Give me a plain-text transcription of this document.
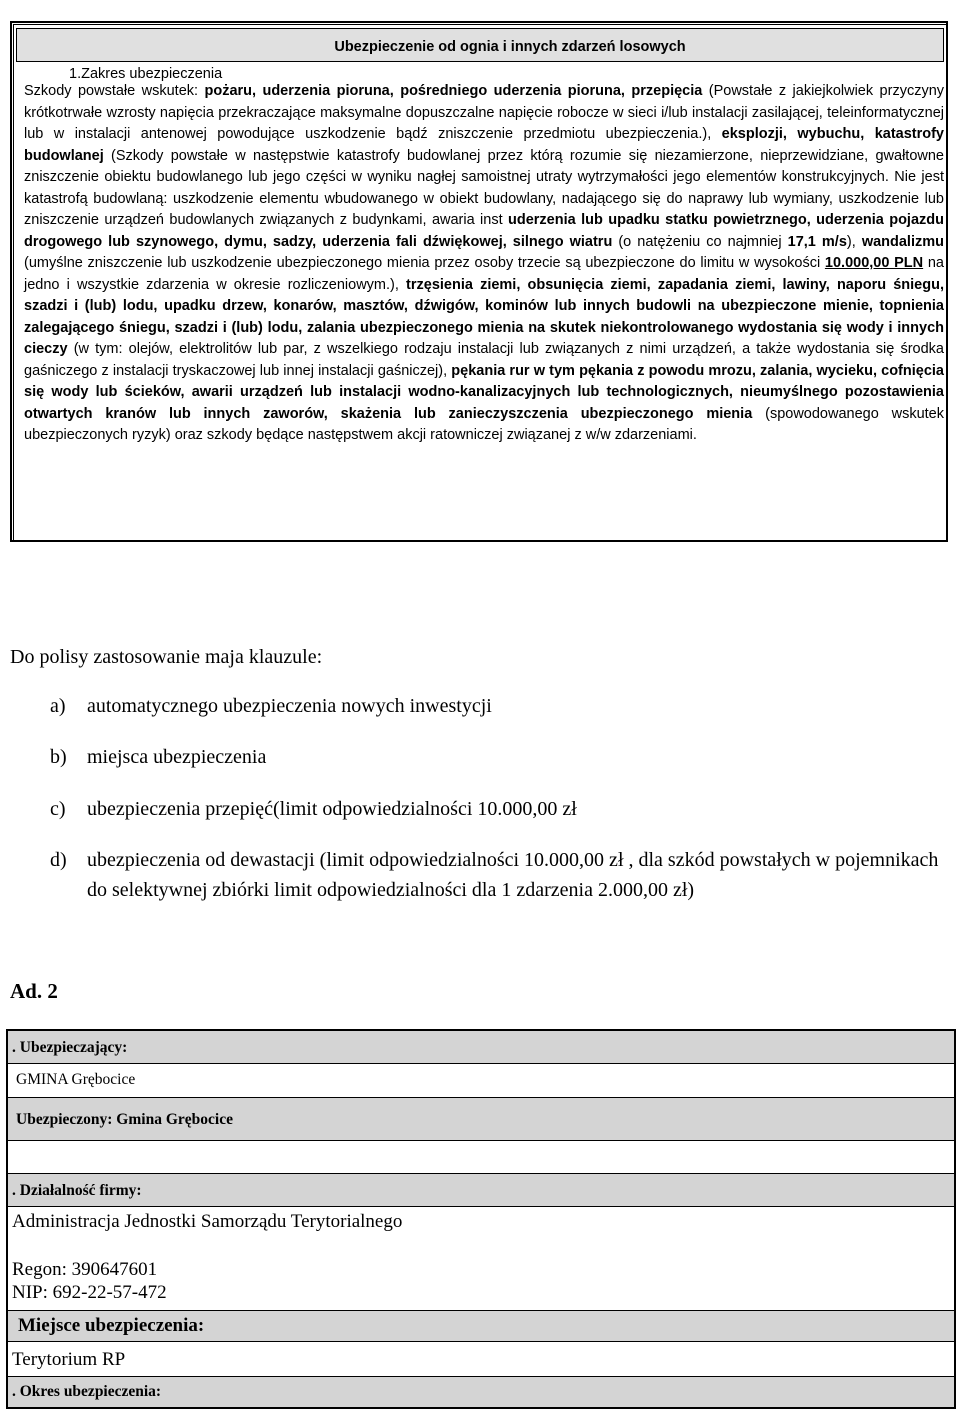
Ubezpieczenie od ognia i innych zdarzeń losowych
1.Zakres ubezpieczenia
Szkody powstałe wskutek: pożaru, uderzenia pioruna, pośredniego uderzenia pioruna, przepięcia (Powstałe z jakiejkolwiek przyczyny krótkotrwałe wzrosty napięcia przekraczające maksymalne dopuszczalne napięcie robocze w sieci i/lub instalacji zasilającej, teleinformatycznej lub w instalacji antenowej powodujące uszkodzenie bądź zniszczenie przedmiotu ubezpieczenia.), eksplozji, wybuchu, katastrofy budowlanej (Szkody powstałe w następstwie katastrofy budowlanej przez którą rozumie się niezamierzone, nieprzewidziane, gwałtowne zniszczenie obiektu budowlanego lub jego części w wyniku nagłej samoistnej utraty wytrzymałości jego elementów konstrukcyjnych. Nie jest katastrofą budowlaną: uszkodzenie elementu wbudowanego w obiekt budowlany, nadającego się do naprawy lub wymiany, uszkodzenie lub zniszczenie urządzeń budowlanych związanych z budynkami, awaria inst uderzenia lub upadku statku powietrznego, uderzenia pojazdu drogowego lub szynowego, dymu, sadzy, uderzenia fali dźwiękowej, silnego wiatru (o natężeniu co najmniej 17,1 m/s), wandalizmu (umyślne zniszczenie lub uszkodzenie ubezpieczonego mienia przez osoby trzecie są ubezpieczone do limitu w wysokości 10.000,00 PLN na jedno i wszystkie zdarzenia w okresie rozliczeniowym.), trzęsienia ziemi, obsunięcia ziemi, zapadania ziemi, lawiny, naporu śniegu, szadzi i (lub) lodu, upadku drzew, konarów, masztów, dźwigów, kominów lub innych budowli na ubezpieczone mienie, topnienia zalegającego śniegu, szadzi i (lub) lodu, zalania ubezpieczonego mienia na skutek niekontrolowanego wydostania się wody i innych cieczy (w tym: olejów, elektrolitów lub par, z wszelkiego rodzaju instalacji lub związanych z nimi urządzeń, a także wydostania się środka gaśniczego z instalacji tryskaczowej lub innej instalacji gaśniczej), pękania rur w tym pękania z powodu mrozu, zalania, wycieku, cofnięcia się wody lub ścieków, awarii urządzeń lub instalacji wodno-kanalizacyjnych lub technologicznych, nieumyślnego pozostawienia otwartych kranów lub innych zaworów, skażenia lub zanieczyszczenia ubezpieczonego mienia (spowodowanego wskutek ubezpieczonych ryzyk) oraz szkody będące następstwem akcji ratowniczej związanej z w/w zdarzeniami.
Do polisy zastosowanie maja klauzule:
a)	automatycznego ubezpieczenia nowych inwestycji
b)	miejsca ubezpieczenia
c)	ubezpieczenia przepięć(limit odpowiedzialności 10.000,00 zł
d)	ubezpieczenia od dewastacji (limit odpowiedzialności 10.000,00 zł , dla szkód powstałych w pojemnikach do selektywnej zbiórki limit odpowiedzialności dla 1 zdarzenia 2.000,00 zł)
Ad. 2
. Ubezpieczający:
GMINA Grębocice
Ubezpieczony: Gmina Grębocice
. Działalność firmy:
Administracja Jednostki Samorządu Terytorialnego
Regon: 390647601
NIP: 692-22-57-472
Miejsce ubezpieczenia:
Terytorium RP
. Okres ubezpieczenia:
